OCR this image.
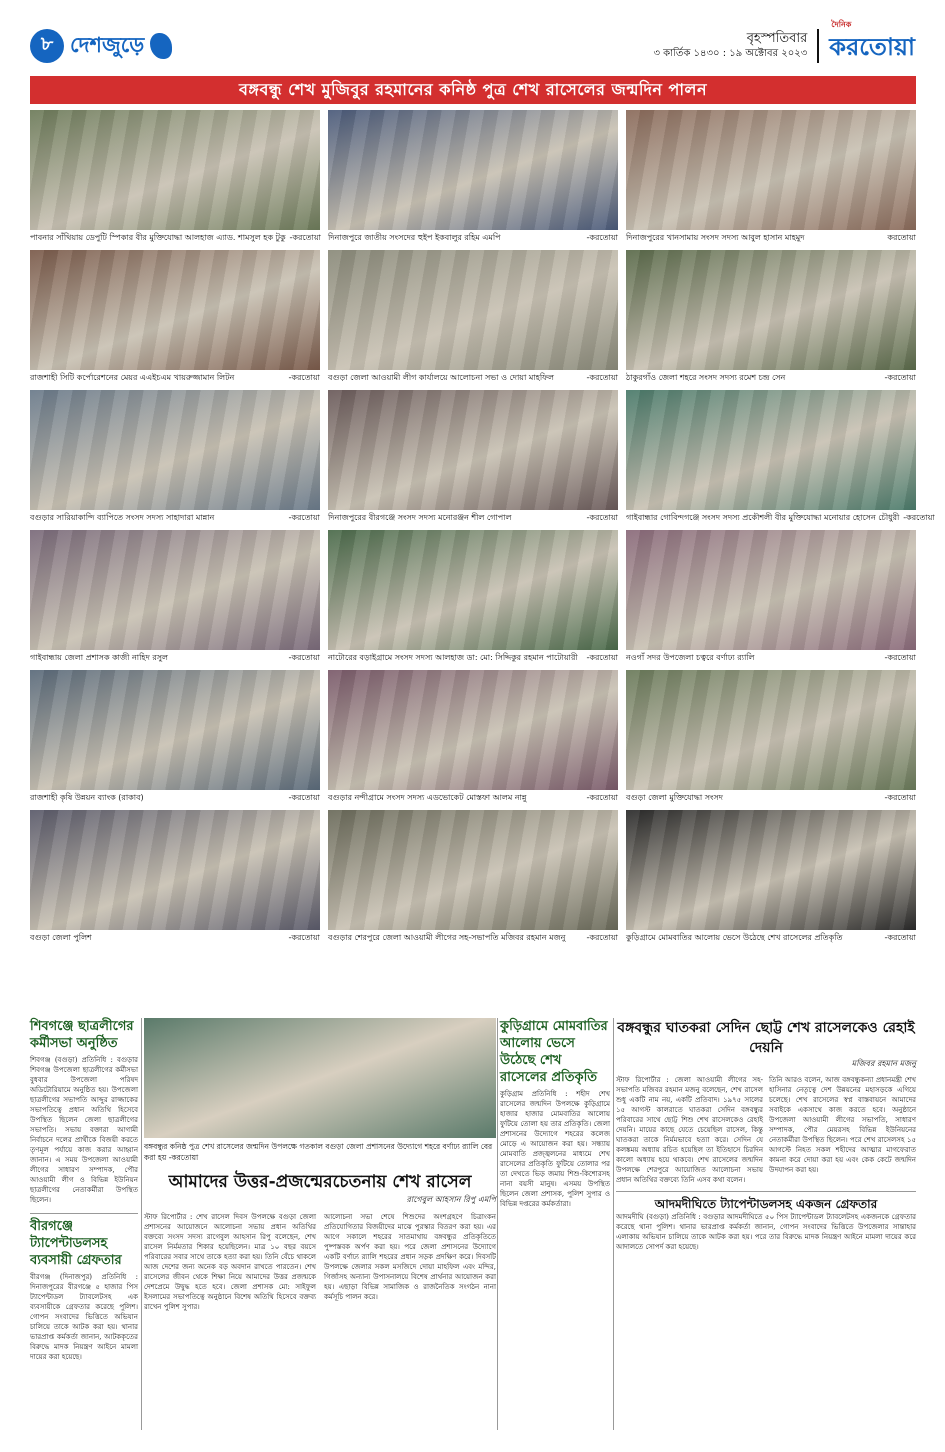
৮ দেশজুড়ে	বৃহস্পতিবার
৩ কার্তিক ১৪৩০ : ১৯ অক্টোবর ২০২৩
দৈনিক
করতোয়া
বঙ্গবন্ধু শেখ মুজিবুর রহমানের কনিষ্ঠ পুত্র শেখ রাসেলের জন্মদিন পালন
পাবনার সাঁথিয়ায় ডেপুটি স্পিকার বীর মুক্তিযোদ্ধা আলহাজ এ্যাড. শামসুল হক টুকু -করতোয়া দিনাজপুরে জাতীয় সংসদের হুইপ ইকবালুর রহিম এমপি	-করতোয়া দিনাজপুরের খানসামায় সংসদ সদস্য আবুল হাসান মাহমুদ	করতোয়া
রাজশাহী সিটি কর্পোরেশনের মেয়র এএইচএম খায়রুজ্জামান লিটন	-করতোয়া বগুড়া জেলা আওয়ামী লীগ কার্যালয়ে আলোচনা সভা ও দোয়া মাহফিল	-করতোয়া ঠাকুরগাঁও জেলা শহরে সংসদ সদস্য রমেশ চন্দ্র সেন	-করতোয়া
বগুড়ার সারিয়াকান্দি ব্যাপিতে সংসদ সদস্য সাহাদারা মান্নান	-করতোয়া দিনাজপুরের বীরগঞ্জে সংসদ সদস্য মনোরঞ্জন শীল গোপাল	-করতোয়া গাইবান্ধার গোবিন্দগঞ্জে সংসদ সদস্য প্রকৌশলী বীর মুক্তিযোদ্ধা মনোয়ার হোসেন চৌধুরী -করতোয়া
গাইবান্ধায় জেলা প্রশাসক কাজী নাহিদ রসুল	-করতোয়া নাটোরের বড়াইগ্রামে সংসদ সদস্য আলহাজ ডা: মো: সিদ্দিকুর রহমান পাটোয়ারী	-করতোয়া নওগাঁ সদর উপজেলা চত্বরে বর্ণাঢ্য র‌্যালি	-করতোয়া
রাজশাহী কৃষি উন্নয়ন ব্যাংক (রাকাব)	-করতোয়া বগুড়ার নন্দীগ্রামে সংসদ সদস্য এডভোকেট মোস্তফা আলম নান্নু	-করতোয়া বগুড়া জেলা মুক্তিযোদ্ধা সংসদ	-করতোয়া
বগুড়া জেলা পুলিশ	-করতোয়া বগুড়ার শেরপুরে জেলা আওয়ামী লীগের সহ-সভাপতি মজিবর রহমান মজনু	-করতোয়া কুড়িগ্রামে মোমবাতির আলোয় ভেসে উঠেছে শেখ রাসেলের প্রতিকৃতি	-করতোয়া
শিবগঞ্জে ছাত্রলীগের কর্মীসভা অনুষ্ঠিত
শিবগঞ্জ (বগুড়া) প্রতিনিধি : বগুড়ার শিবগঞ্জ উপজেলা ছাত্রলীগের কর্মীসভা বুধবার উপজেলা পরিষদ অডিটোরিয়ামে অনুষ্ঠিত হয়। উপজেলা ছাত্রলীগের সভাপতি আব্দুর রাজ্জাকের সভাপতিত্বে প্রধান অতিথি হিসেবে উপস্থিত ছিলেন জেলা ছাত্রলীগের সভাপতি। সভায় বক্তারা আগামী নির্বাচনে দলের প্রার্থীকে বিজয়ী করতে তৃণমূল পর্যায়ে কাজ করার আহ্বান জানান। এ সময় উপজেলা আওয়ামী লীগের সাধারণ সম্পাদক, পৌর আওয়ামী লীগ ও বিভিন্ন ইউনিয়ন ছাত্রলীগের নেতাকর্মীরা উপস্থিত ছিলেন।
বীরগঞ্জে ট্যাপেন্টাডলসহ ব্যবসায়ী গ্রেফতার
বীরগঞ্জ (দিনাজপুর) প্রতিনিধি : দিনাজপুরের বীরগঞ্জে ৫ হাজার পিস ট্যাপেন্টাডল ট্যাবলেটসহ এক ব্যবসায়ীকে গ্রেফতার করেছে পুলিশ। গোপন সংবাদের ভিত্তিতে অভিযান চালিয়ে তাকে আটক করা হয়। থানার ভারপ্রাপ্ত কর্মকর্তা জানান, আটককৃতের বিরুদ্ধে মাদক নিয়ন্ত্রণ আইনে মামলা দায়ের করা হয়েছে।
বঙ্গবন্ধুর কনিষ্ঠ পুত্র শেখ রাসেলের জন্মদিন উপলক্ষে গতকাল বগুড়া জেলা প্রশাসনের উদ্যোগে শহরে বর্ণাঢ্য র‌্যালি বের করা হয় -করতোয়া
আমাদের উত্তর-প্রজন্মেরচেতনায় শেখ রাসেল
রাগেবুল আহসান রিপু এমপি
স্টাফ রিপোর্টার : শেখ রাসেল দিবস উপলক্ষে বগুড়া জেলা প্রশাসনের আয়োজনে আলোচনা সভায় প্রধান অতিথির বক্তব্যে সংসদ সদস্য রাগেবুল আহসান রিপু বলেছেন, শেখ রাসেল নির্মমতার শিকার হয়েছিলেন। মাত্র ১০ বছর বয়সে পরিবারের সবার সাথে তাকে হত্যা করা হয়। তিনি বেঁচে থাকলে আজ দেশের জন্য অনেক বড় অবদান রাখতে পারতেন। শেখ রাসেলের জীবন থেকে শিক্ষা নিয়ে আমাদের উত্তর প্রজন্মকে দেশপ্রেমে উদ্বুদ্ধ হতে হবে। জেলা প্রশাসক মো: সাইফুল ইসলামের সভাপতিত্বে অনুষ্ঠানে বিশেষ অতিথি হিসেবে বক্তব্য রাখেন পুলিশ সুপার।
আলোচনা সভা শেষে শিশুদের অংশগ্রহণে চিত্রাংকন প্রতিযোগিতার বিজয়ীদের মাঝে পুরস্কার বিতরণ করা হয়। এর আগে সকালে শহরের সাতমাথায় বঙ্গবন্ধুর প্রতিকৃতিতে পুষ্পস্তবক অর্পণ করা হয়। পরে জেলা প্রশাসনের উদ্যোগে একটি বর্ণাঢ্য র‌্যালি শহরের প্রধান সড়ক প্রদক্ষিণ করে। দিবসটি উপলক্ষে জেলার সকল মসজিদে দোয়া মাহফিল এবং মন্দির, গির্জাসহ অন্যান্য উপাসনালয়ে বিশেষ প্রার্থনার আয়োজন করা হয়। এছাড়া বিভিন্ন সামাজিক ও রাজনৈতিক সংগঠন নানা কর্মসূচি পালন করে।
কুড়িগ্রামে মোমবাতির আলোয় ভেসে উঠেছে শেখ রাসেলের প্রতিকৃতি
কুড়িগ্রাম প্রতিনিধি : শহীদ শেখ রাসেলের জন্মদিন উপলক্ষে কুড়িগ্রামে হাজার হাজার মোমবাতির আলোয় ফুটিয়ে তোলা হয় তার প্রতিকৃতি। জেলা প্রশাসনের উদ্যোগে শহরের কলেজ মোড়ে এ আয়োজন করা হয়। সন্ধ্যায় মোমবাতি প্রজ্জ্বলনের মাধ্যমে শেখ রাসেলের প্রতিকৃতি ফুটিয়ে তোলার পর তা দেখতে ভিড় জমায় শিশু-কিশোরসহ নানা বয়সী মানুষ। এসময় উপস্থিত ছিলেন জেলা প্রশাসক, পুলিশ সুপার ও বিভিন্ন দপ্তরের কর্মকর্তারা।
বঙ্গবন্ধুর ঘাতকরা সেদিন ছোট্ট শেখ রাসেলকেও রেহাই দেয়নি
মজিবর রহমান মজনু
স্টাফ রিপোর্টার : জেলা আওয়ামী লীগের সহ-সভাপতি মজিবর রহমান মজনু বলেছেন, শেখ রাসেল শুধু একটি নাম নয়, একটি প্রতিবাদ। ১৯৭৫ সালের ১৫ আগস্ট কালরাতে ঘাতকরা সেদিন বঙ্গবন্ধুর পরিবারের সাথে ছোট্ট শিশু শেখ রাসেলকেও রেহাই দেয়নি। মায়ের কাছে যেতে চেয়েছিল রাসেল, কিন্তু ঘাতকরা তাকে নির্মমভাবে হত্যা করে। সেদিন যে কলঙ্কময় অধ্যায় রচিত হয়েছিল তা ইতিহাসে চিরদিন কালো অধ্যায় হয়ে থাকবে। শেখ রাসেলের জন্মদিন উপলক্ষে শেরপুরে আয়োজিত আলোচনা সভায় প্রধান অতিথির বক্তব্যে তিনি এসব কথা বলেন।
তিনি আরও বলেন, আজ বঙ্গবন্ধুকন্যা প্রধানমন্ত্রী শেখ হাসিনার নেতৃত্বে দেশ উন্নয়নের মহাসড়কে এগিয়ে চলেছে। শেখ রাসেলের স্বপ্ন বাস্তবায়নে আমাদের সবাইকে একসাথে কাজ করতে হবে। অনুষ্ঠানে উপজেলা আওয়ামী লীগের সভাপতি, সাধারণ সম্পাদক, পৌর মেয়রসহ বিভিন্ন ইউনিয়নের নেতাকর্মীরা উপস্থিত ছিলেন। পরে শেখ রাসেলসহ ১৫ আগস্টে নিহত সকল শহীদের আত্মার মাগফেরাত কামনা করে দোয়া করা হয় এবং কেক কেটে জন্মদিন উদযাপন করা হয়।
আদমদীঘিতে ট্যাপেন্টাডলসহ একজন গ্রেফতার
আদমদীঘি (বগুড়া) প্রতিনিধি : বগুড়ার আদমদীঘিতে ৫০ পিস ট্যাপেন্টাডল ট্যাবলেটসহ একজনকে গ্রেফতার করেছে থানা পুলিশ। থানার ভারপ্রাপ্ত কর্মকর্তা জানান, গোপন সংবাদের ভিত্তিতে উপজেলার সান্তাহার এলাকায় অভিযান চালিয়ে তাকে আটক করা হয়। পরে তার বিরুদ্ধে মাদক নিয়ন্ত্রণ আইনে মামলা দায়ের করে আদালতে সোপর্দ করা হয়েছে।
